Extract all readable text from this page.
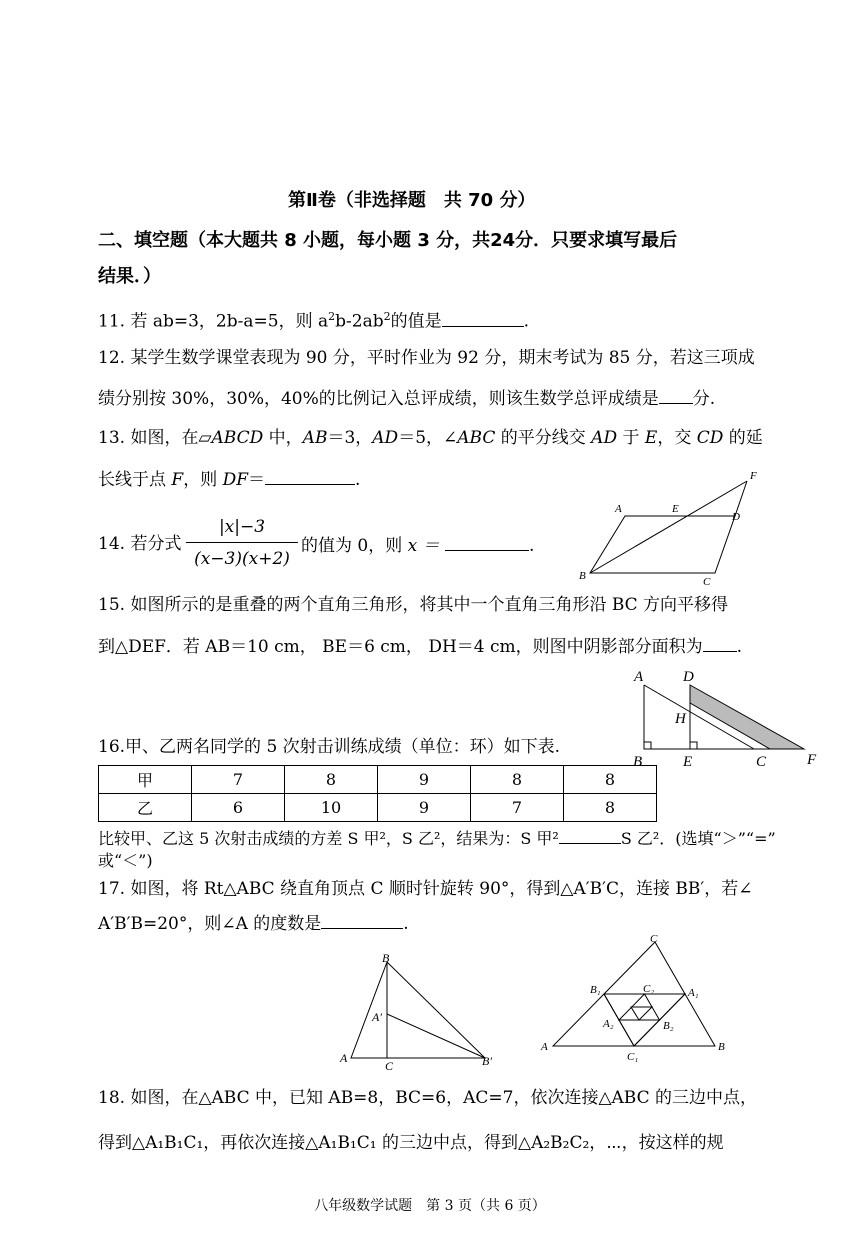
第Ⅱ卷（非选择题　共 70 分）
二、填空题（本大题共 8 小题，每小题 3 分，共24分．只要求填写最后
结果．）
11. 若 ab=3，2b-a=5，则 $a^2b-2ab^2$的值是	.
12. 某学生数学课堂表现为 90 分，平时作业为 92 分，期末考试为 85 分，若这三项成
绩分别按 30%，30%，40%的比例记入总评成绩，则该生数学总评成绩是 分.
13. 如图，在▱ABCD 中，AB＝3，AD＝5，∠ABC 的平分线交 AD 于 E，交 CD 的延
长线于点 F，则 DF＝	.
A	E
D
F
B	C
14. 若分式
|x|−3
(x−3)(x+2)
的值为 0，则 x ＝	.
15. 如图所示的是重叠的两个直角三角形，将其中一个直角三角形沿 BC 方向平移得
到△DEF．若 AB＝10 cm， BE＝6 cm， DH＝4 cm，则图中阴影部分面积为 .
A	D
H
B	E	C	F
16.甲、乙两名同学的 5 次射击训练成绩（单位：环）如下表.
甲	7	8	9	8	8
乙	6	10	9	7	8
比较甲、乙这 5 次射击成绩的方差 S 甲²，S 乙²，结果为：S 甲²	S 乙²．(选填“＞”“=”
或“＜”)
17. 如图，将 Rt△ABC 绕直角顶点 C 顺时针旋转 90°，得到△A′B′C，连接 BB′，若∠
A′B′B=20°，则∠A 的度数是	.
B
A′
A
C	B′
C
B₁	C₂	A₁
A₂	B₂
A
C₁
B
18. 如图，在△ABC 中，已知 AB=8，BC=6，AC=7，依次连接△ABC 的三边中点，
得到△A₁B₁C₁，再依次连接△A₁B₁C₁ 的三边中点，得到△A₂B₂C₂，⋯，按这样的规
八年级数学试题　第 3 页（共 6 页）
